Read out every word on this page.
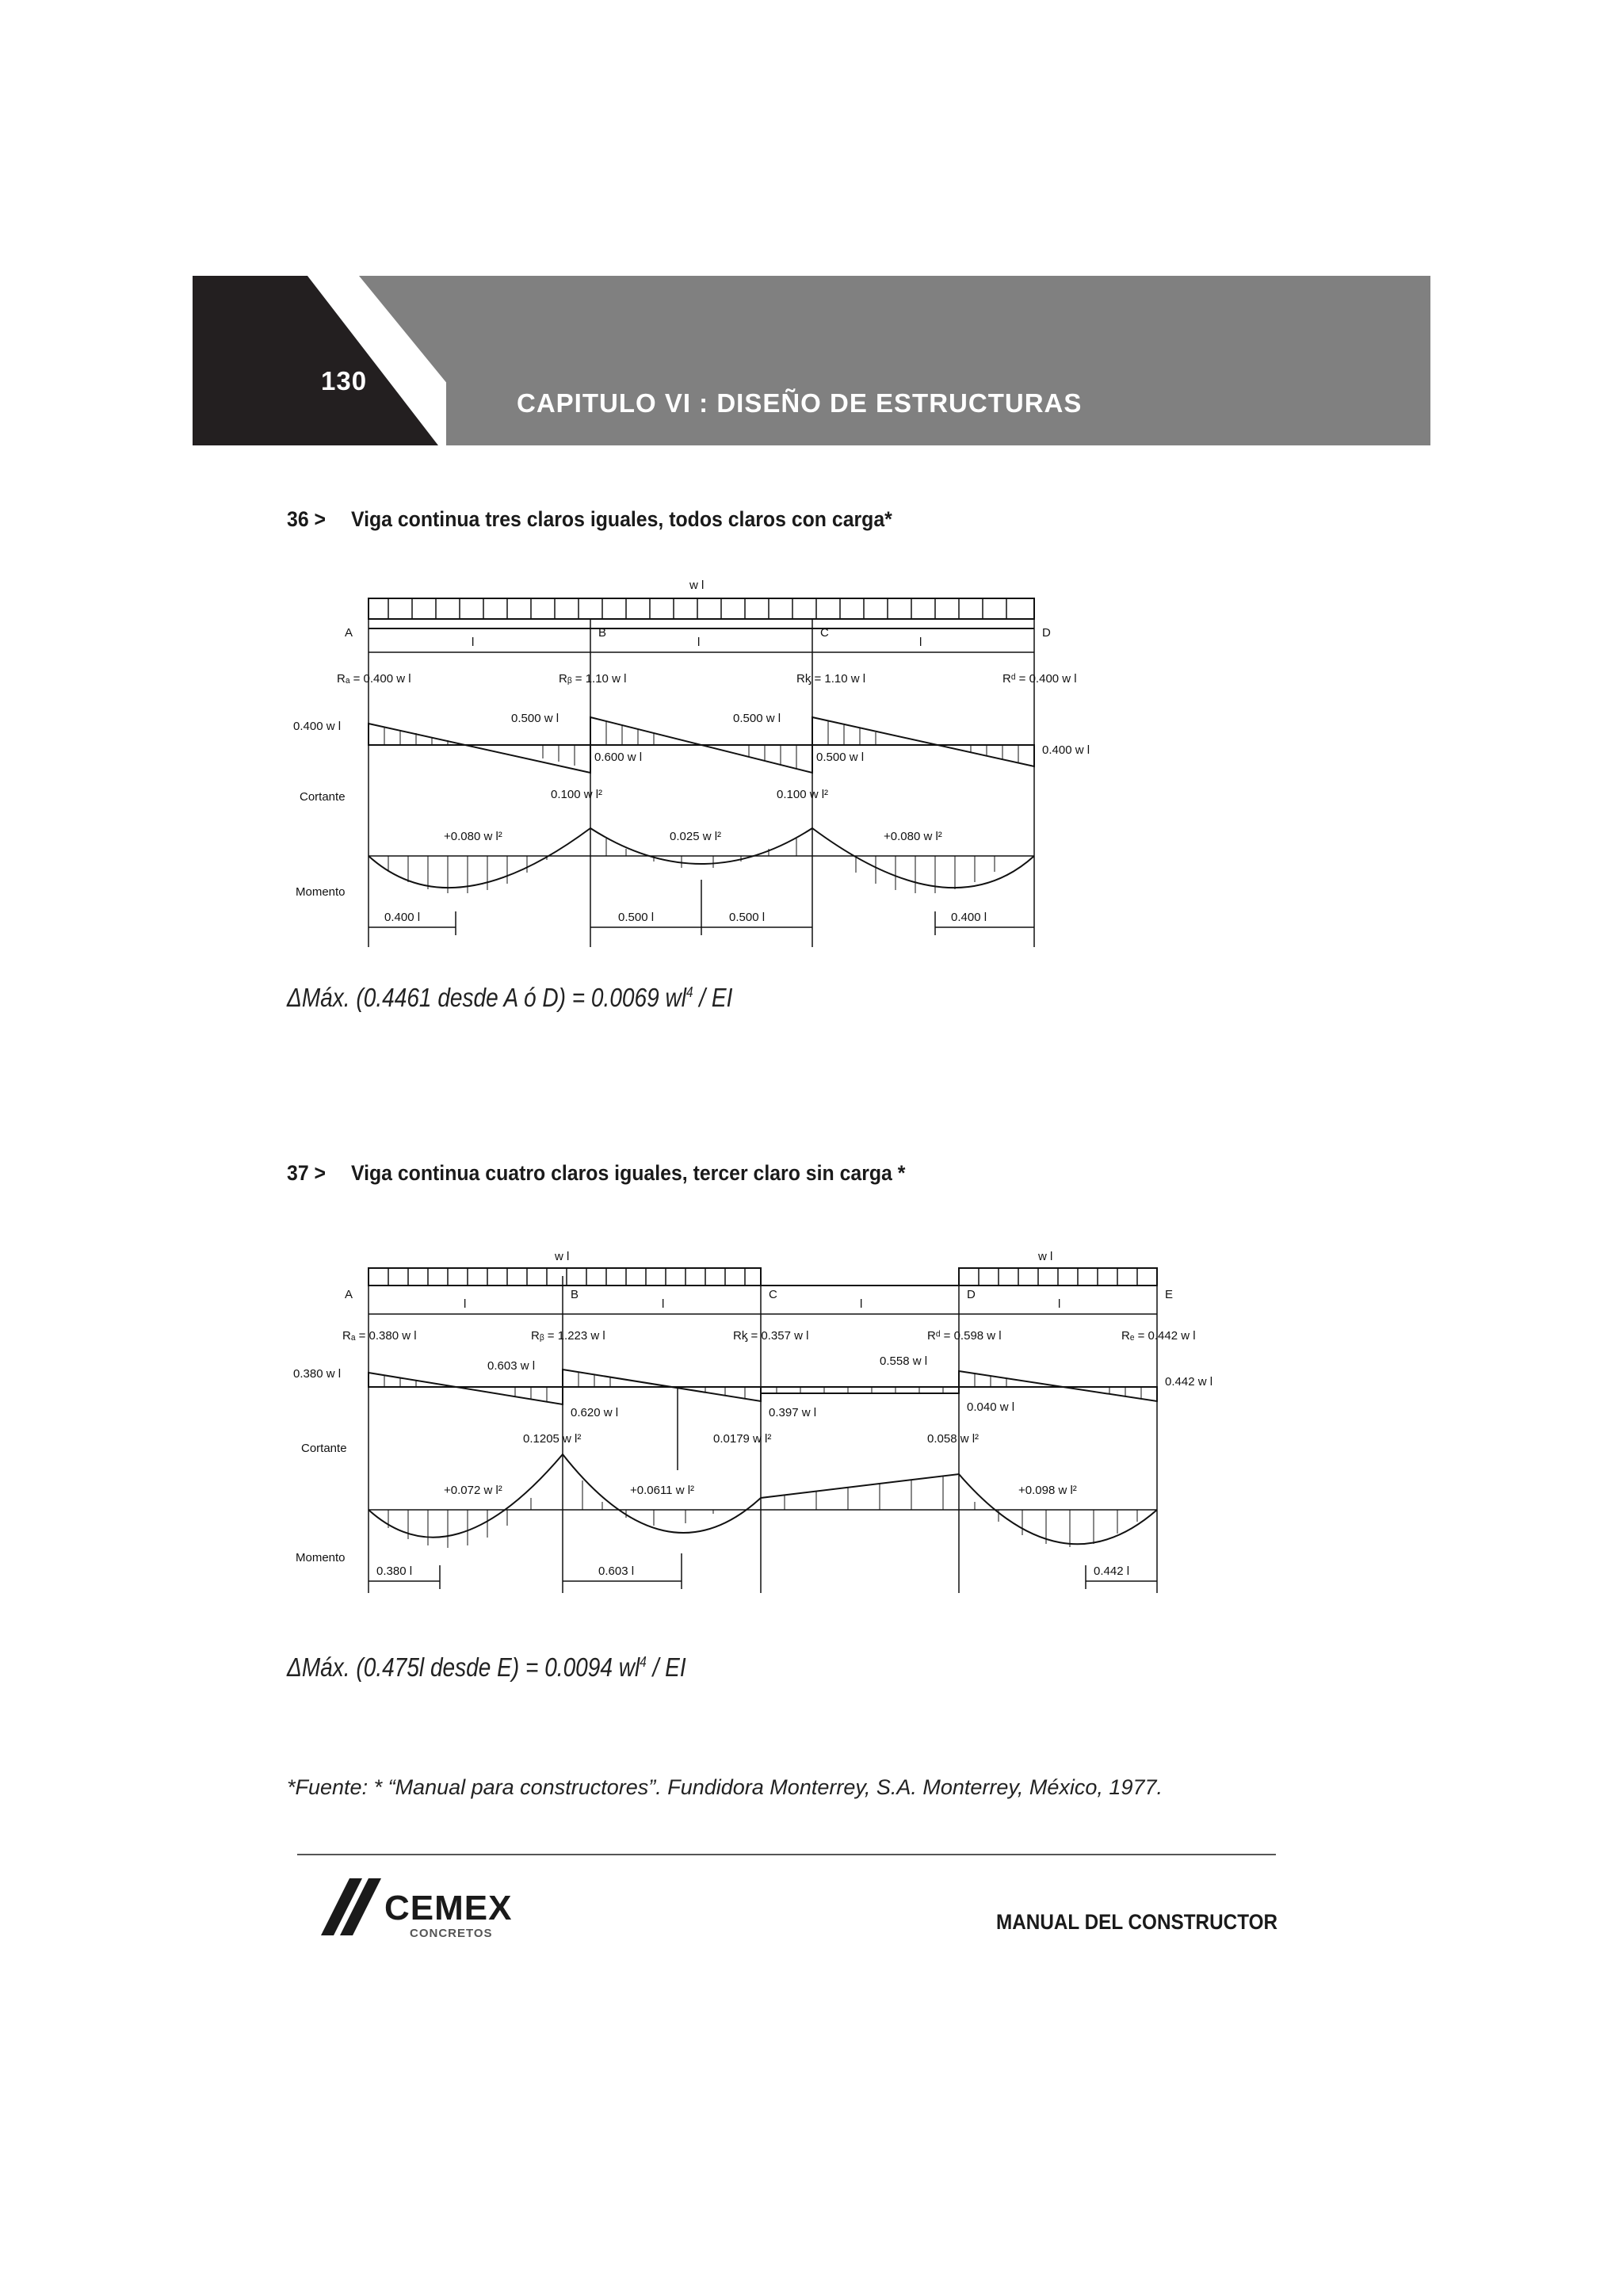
130
CAPITULO VI : DISEÑO DE ESTRUCTURAS
36 > Viga continua tres claros iguales, todos claros con carga*
w l
A	B	C	D
l	l	l
Rₐ = 0.400 w l	Rᵦ = 1.10 w l	Rᶄ = 1.10 w l	Rᵈ = 0.400 w l
0.400 w l
0.500 w l
0.600 w l
0.500 w l
0.500 w l
0.400 w l
Cortante	0.100 w l²	0.100 w l²
+0.080 w l²	0.025 w l²	+0.080 w l²
Momento
0.400 l	0.500 l	0.500 l	0.400 l
ΔMáx. (0.4461 desde A ó D) = 0.0069 $wl^4$ / EI
37 > Viga continua cuatro claros iguales, tercer claro sin carga *
w l	w l
A	B	C	D	E
l	l	l	l
Rₐ = 0.380 w l	Rᵦ = 1.223 w l	Rᶄ = 0.357 w l	Rᵈ = 0.598 w l	Rₑ = 0.442 w l
0.380 w l
0.603 w l
0.620 w l
0.558 w l
0.397 w l	0.040 w l
0.442 w l
Cortante
0.1205 w l²	0.0179 w l²	0.058 w l²
+0.072 w l²	+0.0611 w l²	+0.098 w l²
Momento
0.380 l	0.603 l	0.442 l
ΔMáx. (0.475l desde E) = 0.0094 $wl^4$ / EI
*Fuente: * “Manual para constructores”. Fundidora Monterrey, S.A. Monterrey, México, 1977.
CEMEX
CONCRETOS	MANUAL DEL CONSTRUCTOR
